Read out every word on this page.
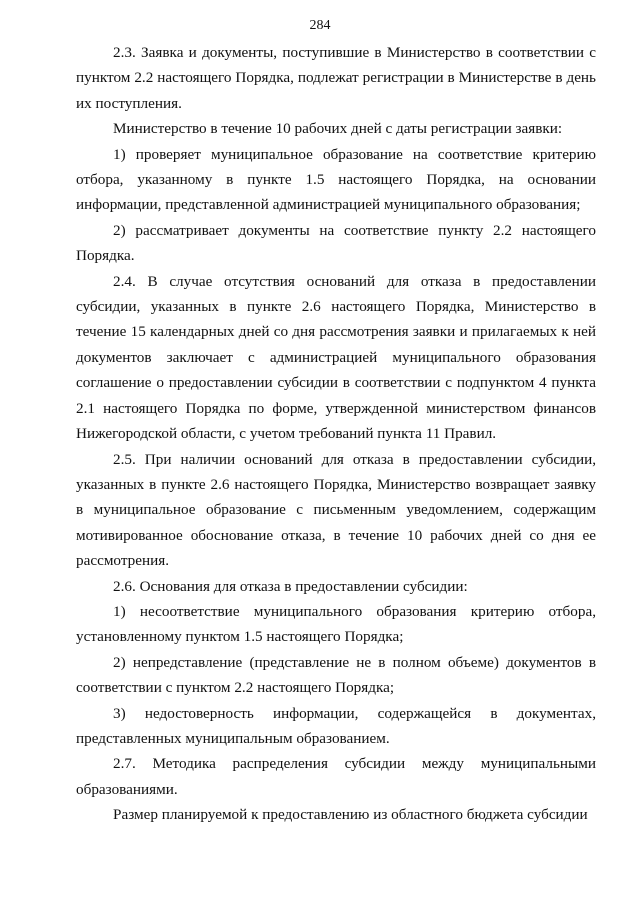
284

2.3. Заявка и документы, поступившие в Министерство в соответствии с пунктом 2.2 настоящего Порядка, подлежат регистрации в Министерстве в день их поступления.

Министерство в течение 10 рабочих дней с даты регистрации заявки:

1) проверяет муниципальное образование на соответствие критерию отбора, указанному в пункте 1.5 настоящего Порядка, на основании информации, представленной администрацией муниципального образования;

2) рассматривает документы на соответствие пункту 2.2 настоящего Порядка.

2.4. В случае отсутствия оснований для отказа в предоставлении субсидии, указанных в пункте 2.6 настоящего Порядка, Министерство в течение 15 календарных дней со дня рассмотрения заявки и прилагаемых к ней документов заключает с администрацией муниципального образования соглашение о предоставлении субсидии в соответствии с подпунктом 4 пункта 2.1 настоящего Порядка по форме, утвержденной министерством финансов Нижегородской области, с учетом требований пункта 11 Правил.

2.5. При наличии оснований для отказа в предоставлении субсидии, указанных в пункте 2.6 настоящего Порядка, Министерство возвращает заявку в муниципальное образование с письменным уведомлением, содержащим мотивированное обоснование отказа, в течение 10 рабочих дней со дня ее рассмотрения.

2.6. Основания для отказа в предоставлении субсидии:

1) несоответствие муниципального образования критерию отбора, установленному пунктом 1.5 настоящего Порядка;

2) непредставление (представление не в полном объеме) документов в соответствии с пунктом 2.2 настоящего Порядка;

3) недостоверность информации, содержащейся в документах, представленных муниципальным образованием.

2.7. Методика распределения субсидии между муниципальными образованиями.

Размер планируемой к предоставлению из областного бюджета субсидии
